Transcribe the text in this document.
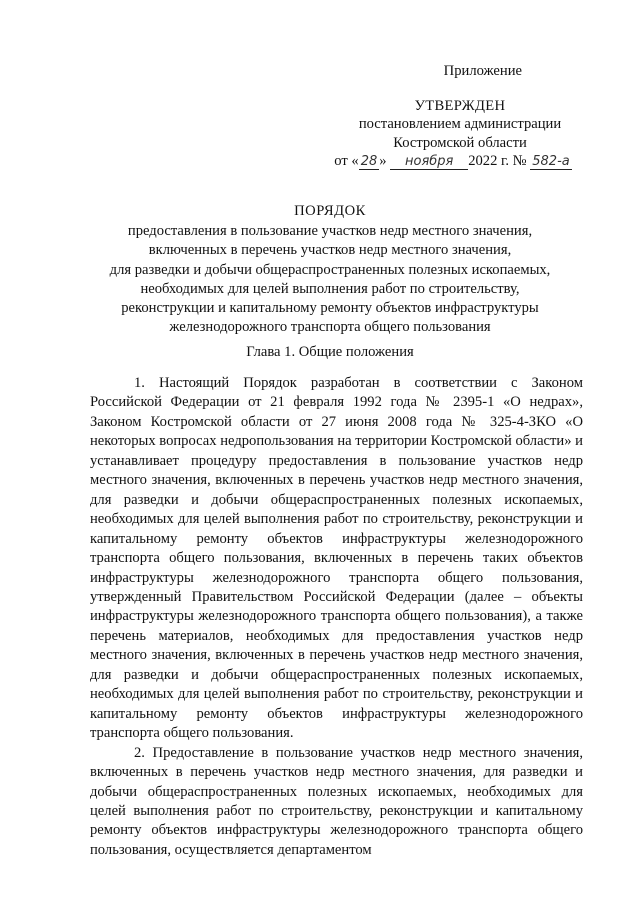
Приложение
УТВЕРЖДЕН
постановлением администрации
Костромской области
от « 28 » ноября 2022 г. № 582-а
ПОРЯДОК
предоставления в пользование участков недр местного значения,
включенных в перечень участков недр местного значения,
для разведки и добычи общераспространенных полезных ископаемых,
необходимых для целей выполнения работ по строительству,
реконструкции и капитальному ремонту объектов инфраструктуры
железнодорожного транспорта общего пользования
Глава 1. Общие положения

1. Настоящий Порядок разработан в соответствии с Законом Российской Федерации от 21 февраля 1992 года № 2395-1 «О недрах», Законом Костромской области от 27 июня 2008 года № 325-4-ЗКО «О некоторых вопросах недропользования на территории Костромской области» и устанавливает процедуру предоставления в пользование участков недр местного значения, включенных в перечень участков недр местного значения, для разведки и добычи общераспространенных полезных ископаемых, необходимых для целей выполнения работ по строительству, реконструкции и капитальному ремонту объектов инфраструктуры железнодорожного транспорта общего пользования, включенных в перечень таких объектов инфраструктуры железнодорожного транспорта общего пользования, утвержденный Правительством Российской Федерации (далее – объекты инфраструктуры железнодорожного транспорта общего пользования), а также перечень материалов, необходимых для предоставления участков недр местного значения, включенных в перечень участков недр местного значения, для разведки и добычи общераспространенных полезных ископаемых, необходимых для целей выполнения работ по строительству, реконструкции и капитальному ремонту объектов инфраструктуры железнодорожного транспорта общего пользования.

2. Предоставление в пользование участков недр местного значения, включенных в перечень участков недр местного значения, для разведки и добычи общераспространенных полезных ископаемых, необходимых для целей выполнения работ по строительству, реконструкции и капитальному ремонту объектов инфраструктуры железнодорожного транспорта общего пользования, осуществляется департаментом
